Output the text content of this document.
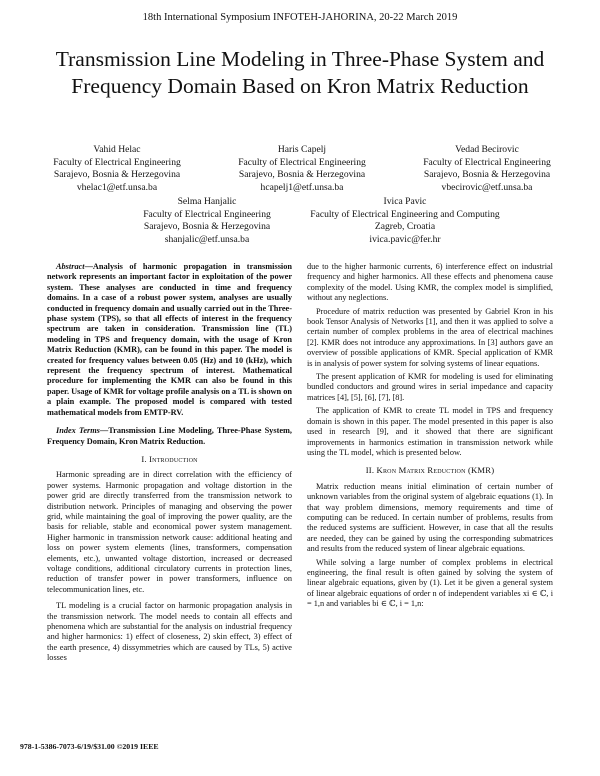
18th International Symposium INFOTEH-JAHORINA, 20-22 March 2019
Transmission Line Modeling in Three-Phase System and Frequency Domain Based on Kron Matrix Reduction
Vahid Helac
Faculty of Electrical Engineering
Sarajevo, Bosnia & Herzegovina
vhelac1@etf.unsa.ba
Haris Capelj
Faculty of Electrical Engineering
Sarajevo, Bosnia & Herzegovina
hcapelj1@etf.unsa.ba
Vedad Becirovic
Faculty of Electrical Engineering
Sarajevo, Bosnia & Herzegovina
vbecirovic@etf.unsa.ba
Selma Hanjalic
Faculty of Electrical Engineering
Sarajevo, Bosnia & Herzegovina
shanjalic@etf.unsa.ba
Ivica Pavic
Faculty of Electrical Engineering and Computing
Zagreb, Croatia
ivica.pavic@fer.hr

Abstract—Analysis of harmonic propagation in transmission network represents an important factor in exploitation of the power system. These analyses are conducted in time and frequency domains. In a case of a robust power system, analyses are usually conducted in frequency domain and usually carried out in the Three-phase system (TPS), so that all effects of interest in the frequency spectrum are taken in consideration. Transmission line (TL) modeling in TPS and frequency domain, with the usage of Kron Matrix Reduction (KMR), can be found in this paper. The model is created for frequency values between 0.05 (Hz) and 10 (kHz), which represent the frequency spectrum of interest. Mathematical procedure for implementing the KMR can also be found in this paper. Usage of KMR for voltage profile analysis on a TL is shown on a plain example. The proposed model is compared with tested mathematical models from EMTP-RV.

Index Terms—Transmission Line Modeling, Three-Phase System, Frequency Domain, Kron Matrix Reduction.

I. Introduction

Harmonic spreading are in direct correlation with the efficiency of power systems. Harmonic propagation and voltage distortion in the power grid are directly transferred from the transmission network to distribution network. Principles of managing and observing the power grid, while maintaining the goal of improving the power quality, are the basis for reliable, stable and economical power system management. Higher harmonic in transmission network cause: additional heating and loss on power system elements (lines, transformers, compensation elements, etc.), unwanted voltage distortion, increased or decreased voltage conditions, additional circulatory currents in protection lines, reduction of transfer power in power transformers, influence on telecommunication lines, etc.

TL modeling is a crucial factor on harmonic propagation analysis in the transmission network. The model needs to contain all effects and phenomena which are substantial for the analysis on industrial frequency and higher harmonics: 1) effect of closeness, 2) skin effect, 3) effect of the earth presence, 4) dissymmetries which are caused by TLs, 5) active losses

due to the higher harmonic currents, 6) interference effect on industrial frequency and higher harmonics. All these effects and phenomena cause complexity of the model. Using KMR, the complex model is simplified, without any neglections.

Procedure of matrix reduction was presented by Gabriel Kron in his book Tensor Analysis of Networks [1], and then it was applied to solve a certain number of complex problems in the area of electrical machines [2]. KMR does not introduce any approximations. In [3] authors gave an overview of possible applications of KMR. Special application of KMR is in analysis of power system for solving systems of linear equations.

The present application of KMR for modeling is used for eliminating bundled conductors and ground wires in serial impedance and capacity matrices [4], [5], [6], [7], [8].

The application of KMR to create TL model in TPS and frequency domain is shown in this paper. The model presented in this paper is also used in research [9], and it showed that there are significant improvements in harmonics estimation in transmission network while using the TL model, which is presented below.

II. Kron Matrix Reduction (KMR)

Matrix reduction means initial elimination of certain number of unknown variables from the original system of algebraic equations (1). In that way problem dimensions, memory requirements and time of computing can be reduced. In certain number of problems, results from the reduced systems are sufficient. However, in case that all the results are needed, they can be gained by using the corresponding submatrices and results from the reduced system of linear algebraic equations.

While solving a large number of complex problems in electrical engineering, the final result is often gained by solving the system of linear algebraic equations, given by (1). Let it be given a general system of linear algebraic equations of order n of independent variables xi ∈ ℂ, i = 1,n and variables bi ∈ ℂ, i = 1,n:

978-1-5386-7073-6/19/$31.00 ©2019 IEEE
